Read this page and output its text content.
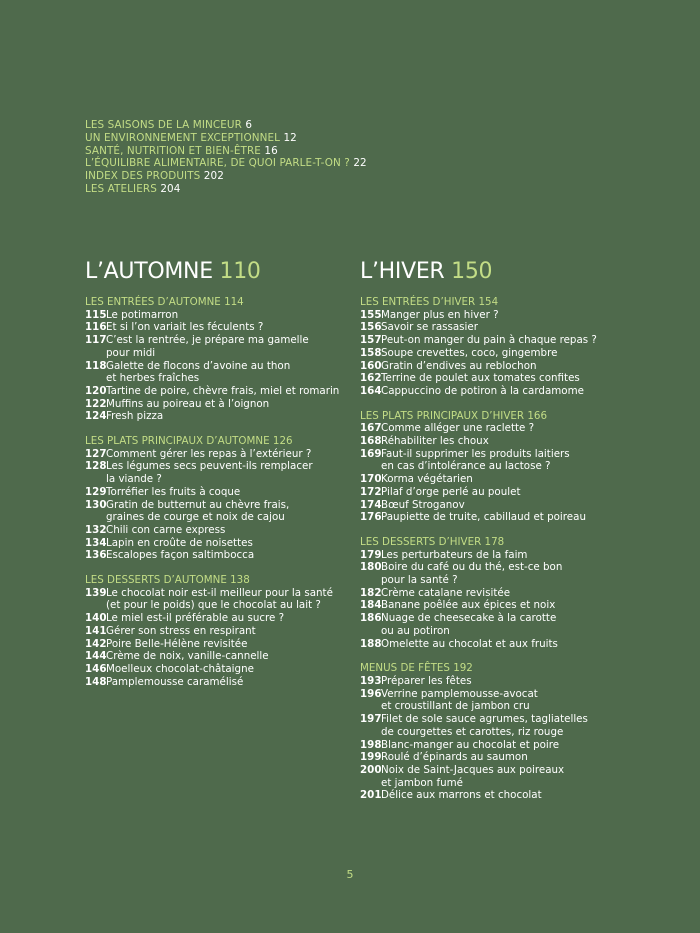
LES SAISONS DE LA MINCEUR 6
UN ENVIRONNEMENT EXCEPTIONNEL 12
SANTÉ, NUTRITION ET BIEN-ÊTRE 16
L’ÉQUILIBRE ALIMENTAIRE, DE QUOI PARLE-T-ON ? 22
INDEX DES PRODUITS 202
LES ATELIERS 204
L’AUTOMNE 110
LES ENTRÉES D’AUTOMNE 114
115 Le potimarron
116 Et si l’on variait les féculents ?
117 C’est la rentrée, je prépare ma gamelle
pour midi
118 Galette de flocons d’avoine au thon
et herbes fraîches
120 Tartine de poire, chèvre frais, miel et romarin
122 Muffins au poireau et à l’oignon
124 Fresh pizza
LES PLATS PRINCIPAUX D’AUTOMNE 126
127 Comment gérer les repas à l’extérieur ?
128 Les légumes secs peuvent-ils remplacer
la viande ?
129 Torréfier les fruits à coque
130 Gratin de butternut au chèvre frais,
graines de courge et noix de cajou
132 Chili con carne express
134 Lapin en croûte de noisettes
136 Escalopes façon saltimbocca
LES DESSERTS D’AUTOMNE 138
139 Le chocolat noir est-il meilleur pour la santé
(et pour le poids) que le chocolat au lait ?
140 Le miel est-il préférable au sucre ?
141 Gérer son stress en respirant
142 Poire Belle-Hélène revisitée
144 Crème de noix, vanille-cannelle
146 Moelleux chocolat-châtaigne
148 Pamplemousse caramélisé
L’HIVER 150
LES ENTRÉES D’HIVER 154
155 Manger plus en hiver ?
156 Savoir se rassasier
157 Peut-on manger du pain à chaque repas ?
158 Soupe crevettes, coco, gingembre
160 Gratin d’endives au reblochon
162 Terrine de poulet aux tomates confites
164 Cappuccino de potiron à la cardamome
LES PLATS PRINCIPAUX D’HIVER 166
167 Comme alléger une raclette ?
168 Réhabiliter les choux
169 Faut-il supprimer les produits laitiers
en cas d’intolérance au lactose ?
170 Korma végétarien
172 Pilaf d’orge perlé au poulet
174 Bœuf Stroganov
176 Paupiette de truite, cabillaud et poireau
LES DESSERTS D’HIVER 178
179 Les perturbateurs de la faim
180 Boire du café ou du thé, est-ce bon
pour la santé ?
182 Crème catalane revisitée
184 Banane poêlée aux épices et noix
186 Nuage de cheesecake à la carotte
ou au potiron
188 Omelette au chocolat et aux fruits
MENUS DE FÊTES 192
193 Préparer les fêtes
196 Verrine pamplemousse-avocat
et croustillant de jambon cru
197 Filet de sole sauce agrumes, tagliatelles
de courgettes et carottes, riz rouge
198 Blanc-manger au chocolat et poire
199 Roulé d’épinards au saumon
200 Noix de Saint-Jacques aux poireaux
et jambon fumé
201 Délice aux marrons et chocolat
5
